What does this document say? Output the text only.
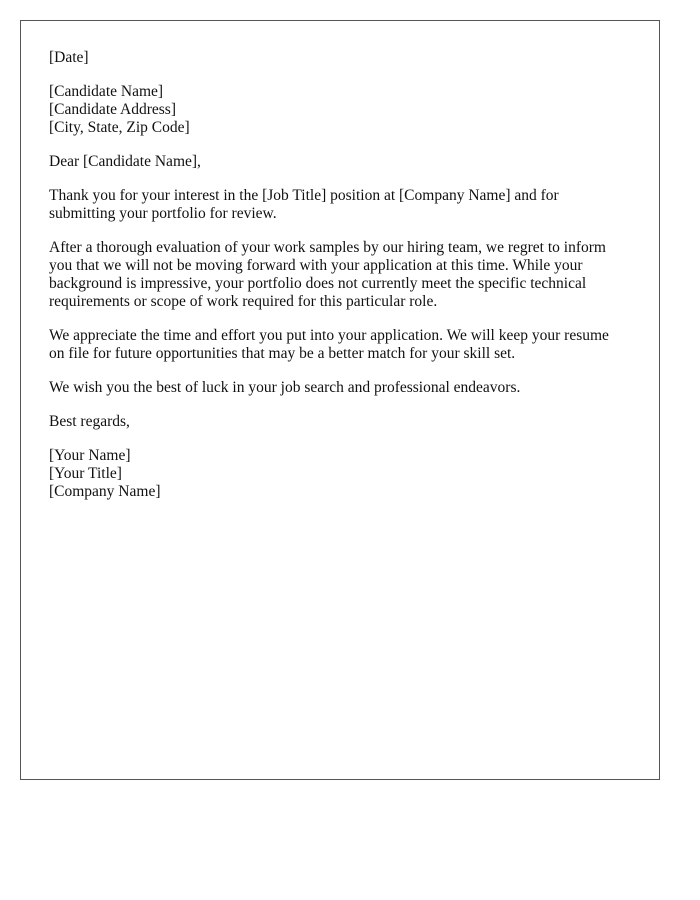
[Date]
[Candidate Name]
[Candidate Address]
[City, State, Zip Code]

Dear [Candidate Name],

Thank you for your interest in the [Job Title] position at [Company Name] and for
submitting your portfolio for review.

After a thorough evaluation of your work samples by our hiring team, we regret to inform
you that we will not be moving forward with your application at this time. While your
background is impressive, your portfolio does not currently meet the specific technical
requirements or scope of work required for this particular role.

We appreciate the time and effort you put into your application. We will keep your resume
on file for future opportunities that may be a better match for your skill set.

We wish you the best of luck in your job search and professional endeavors.

Best regards,

[Your Name]
[Your Title]
[Company Name]
